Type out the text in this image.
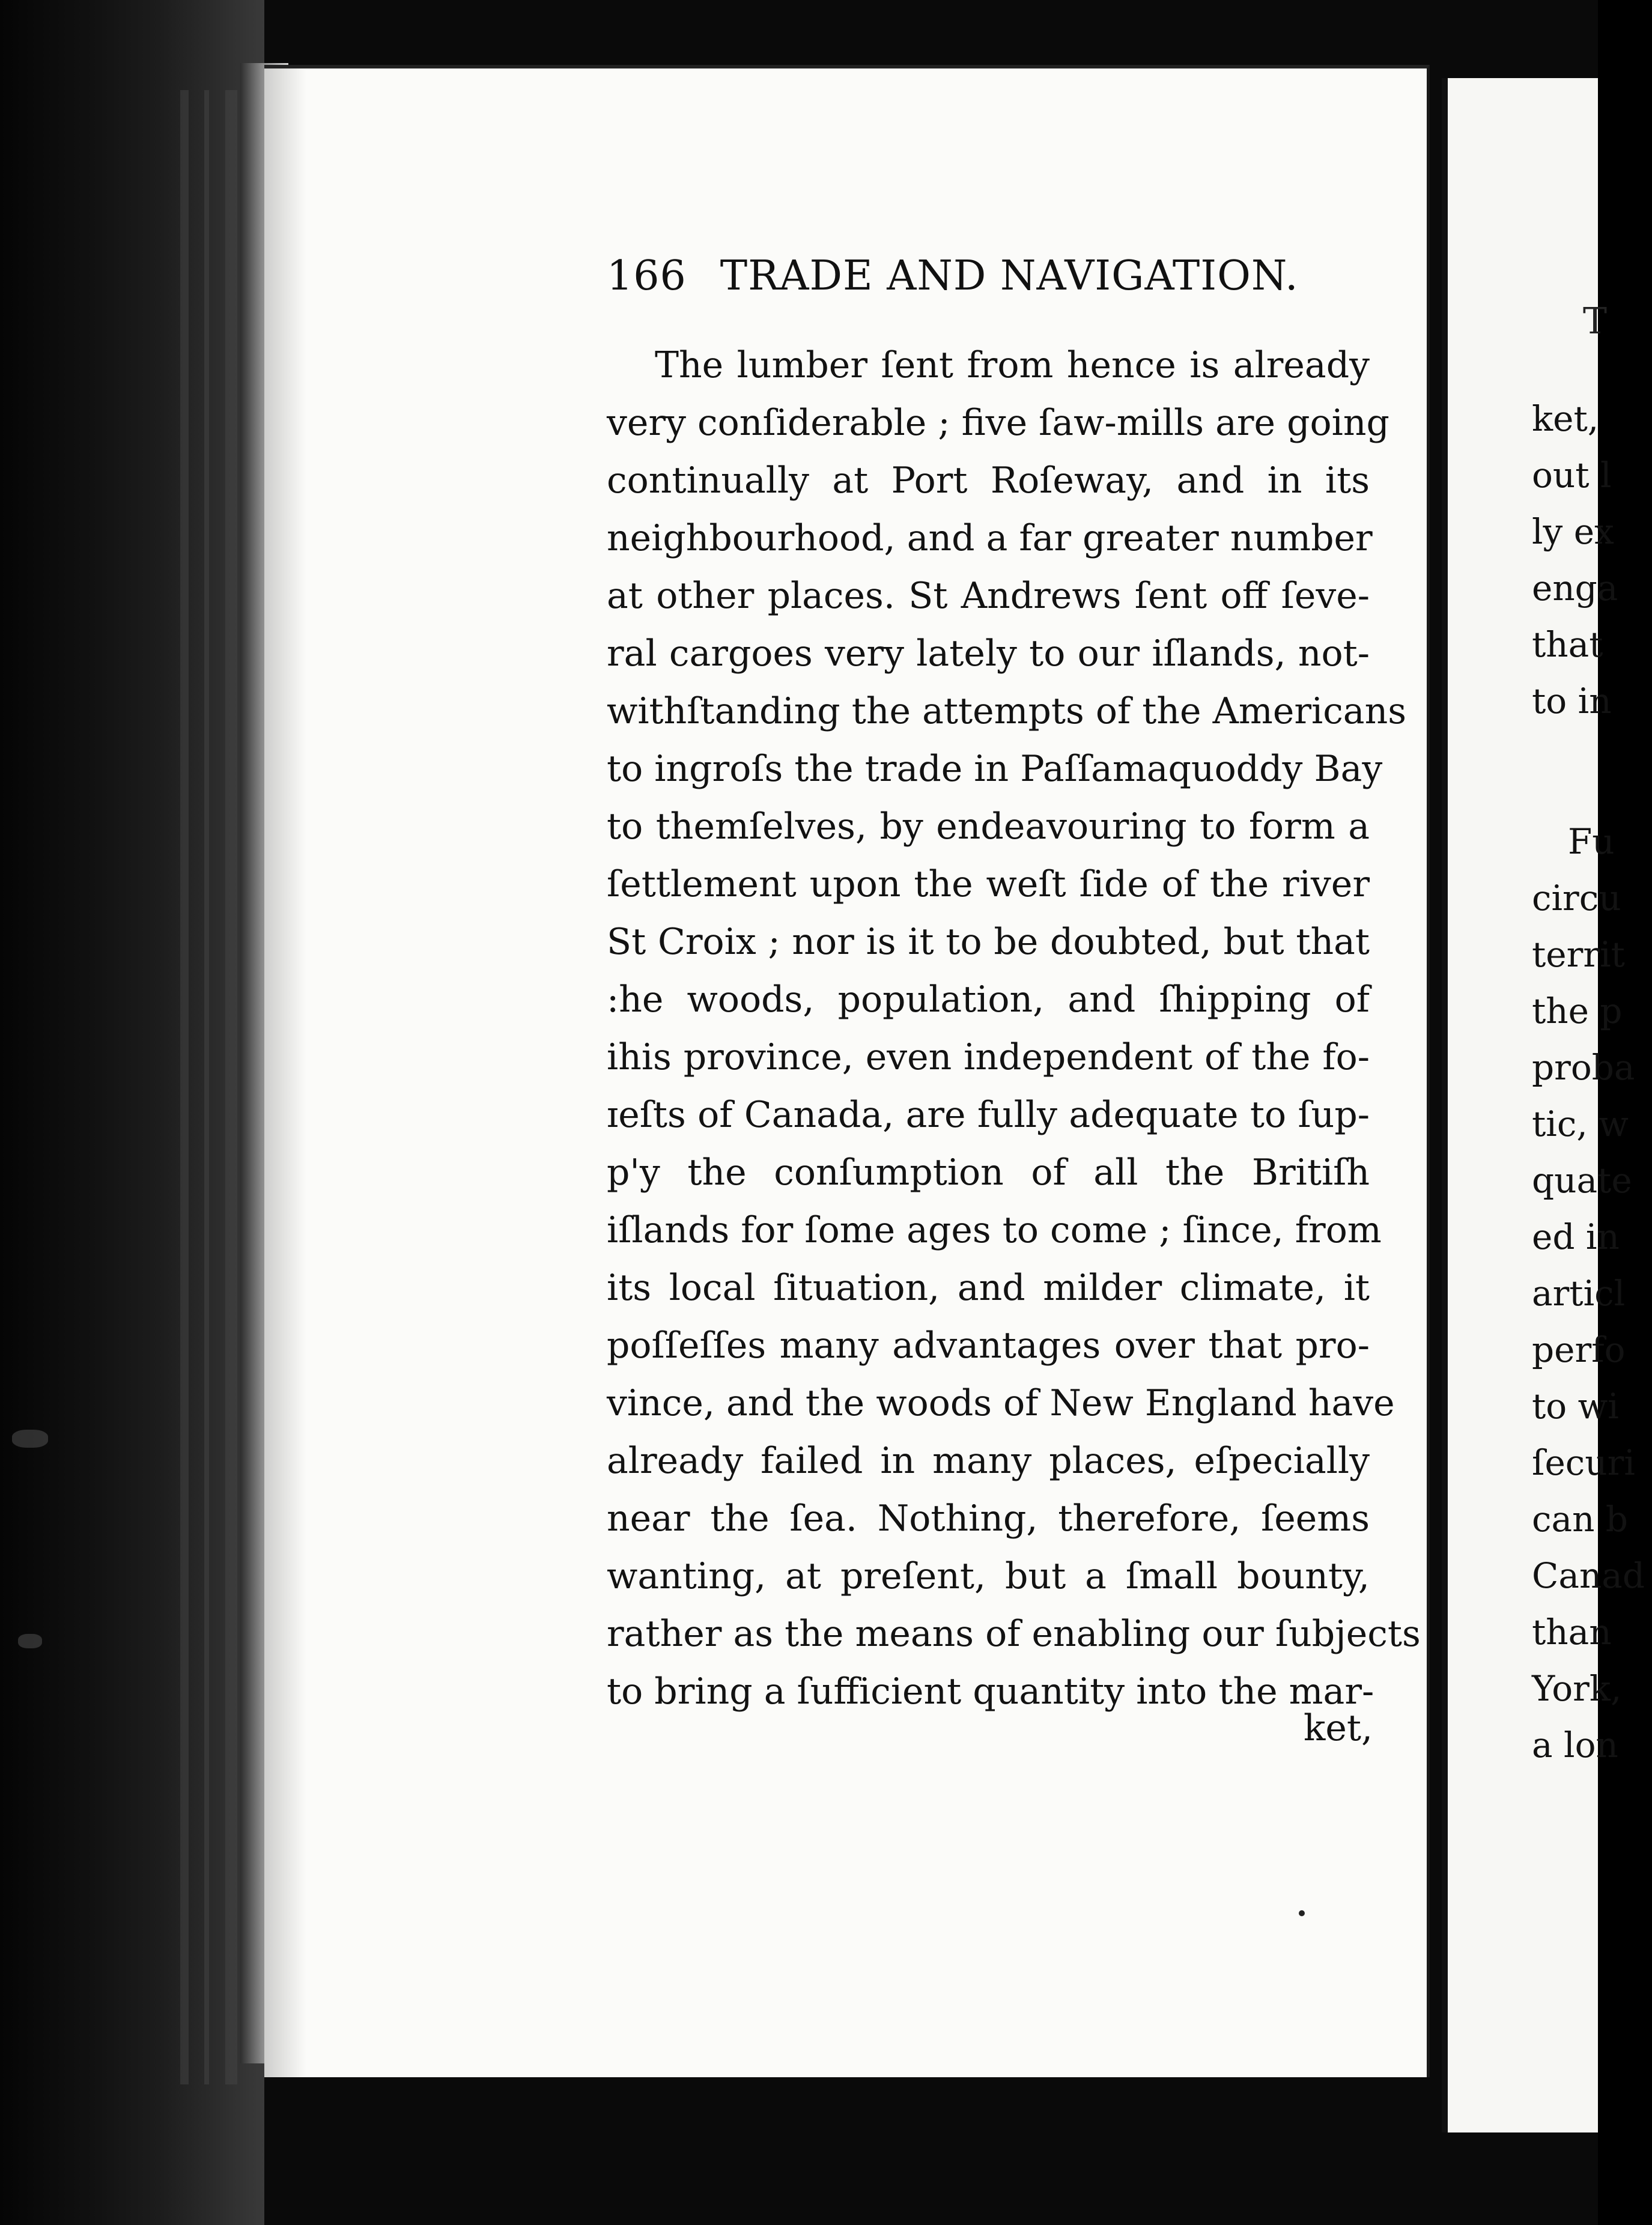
166 TRADE AND NAVIGATION.
The lumber ſent from hence is already
very conſiderable ; five ſaw-mills are going
continually at Port Roſeway, and in its
neighbourhood, and a far greater number
at other places. St Andrews ſent off ſeve-
ral cargoes very lately to our iſlands, not-
withſtanding the attempts of the Americans
to ingroſs the trade in Paſſamaquoddy Bay
to themſelves, by endeavouring to form a
ſettlement upon the weſt ſide of the river
St Croix ; nor is it to be doubted, but that
:he woods, population, and ſhipping of
ihis province, even independent of the fo-
ɪeſts of Canada, are fully adequate to ſup-
p'y the conſumption of all the Britiſh
iſlands for ſome ages to come ; ſince, from
its local ſituation, and milder climate, it
poſſeſſes many advantages over that pro-
vince, and the woods of New England have
already failed in many places, eſpecially
near the ſea. Nothing, therefore, ſeems
wanting, at preſent, but a ſmall bounty,
rather as the means of enabling our ſubjects
to bring a ſufficient quantity into the mar-
ket,
T
ket,
out l
ly ex
enga
that
to in
Fu
circu
territ
the p
proba
tic, w
quate
ed in
articl
perfo
to wi
ſecuri
can b
Canad
than
York,
a lon
